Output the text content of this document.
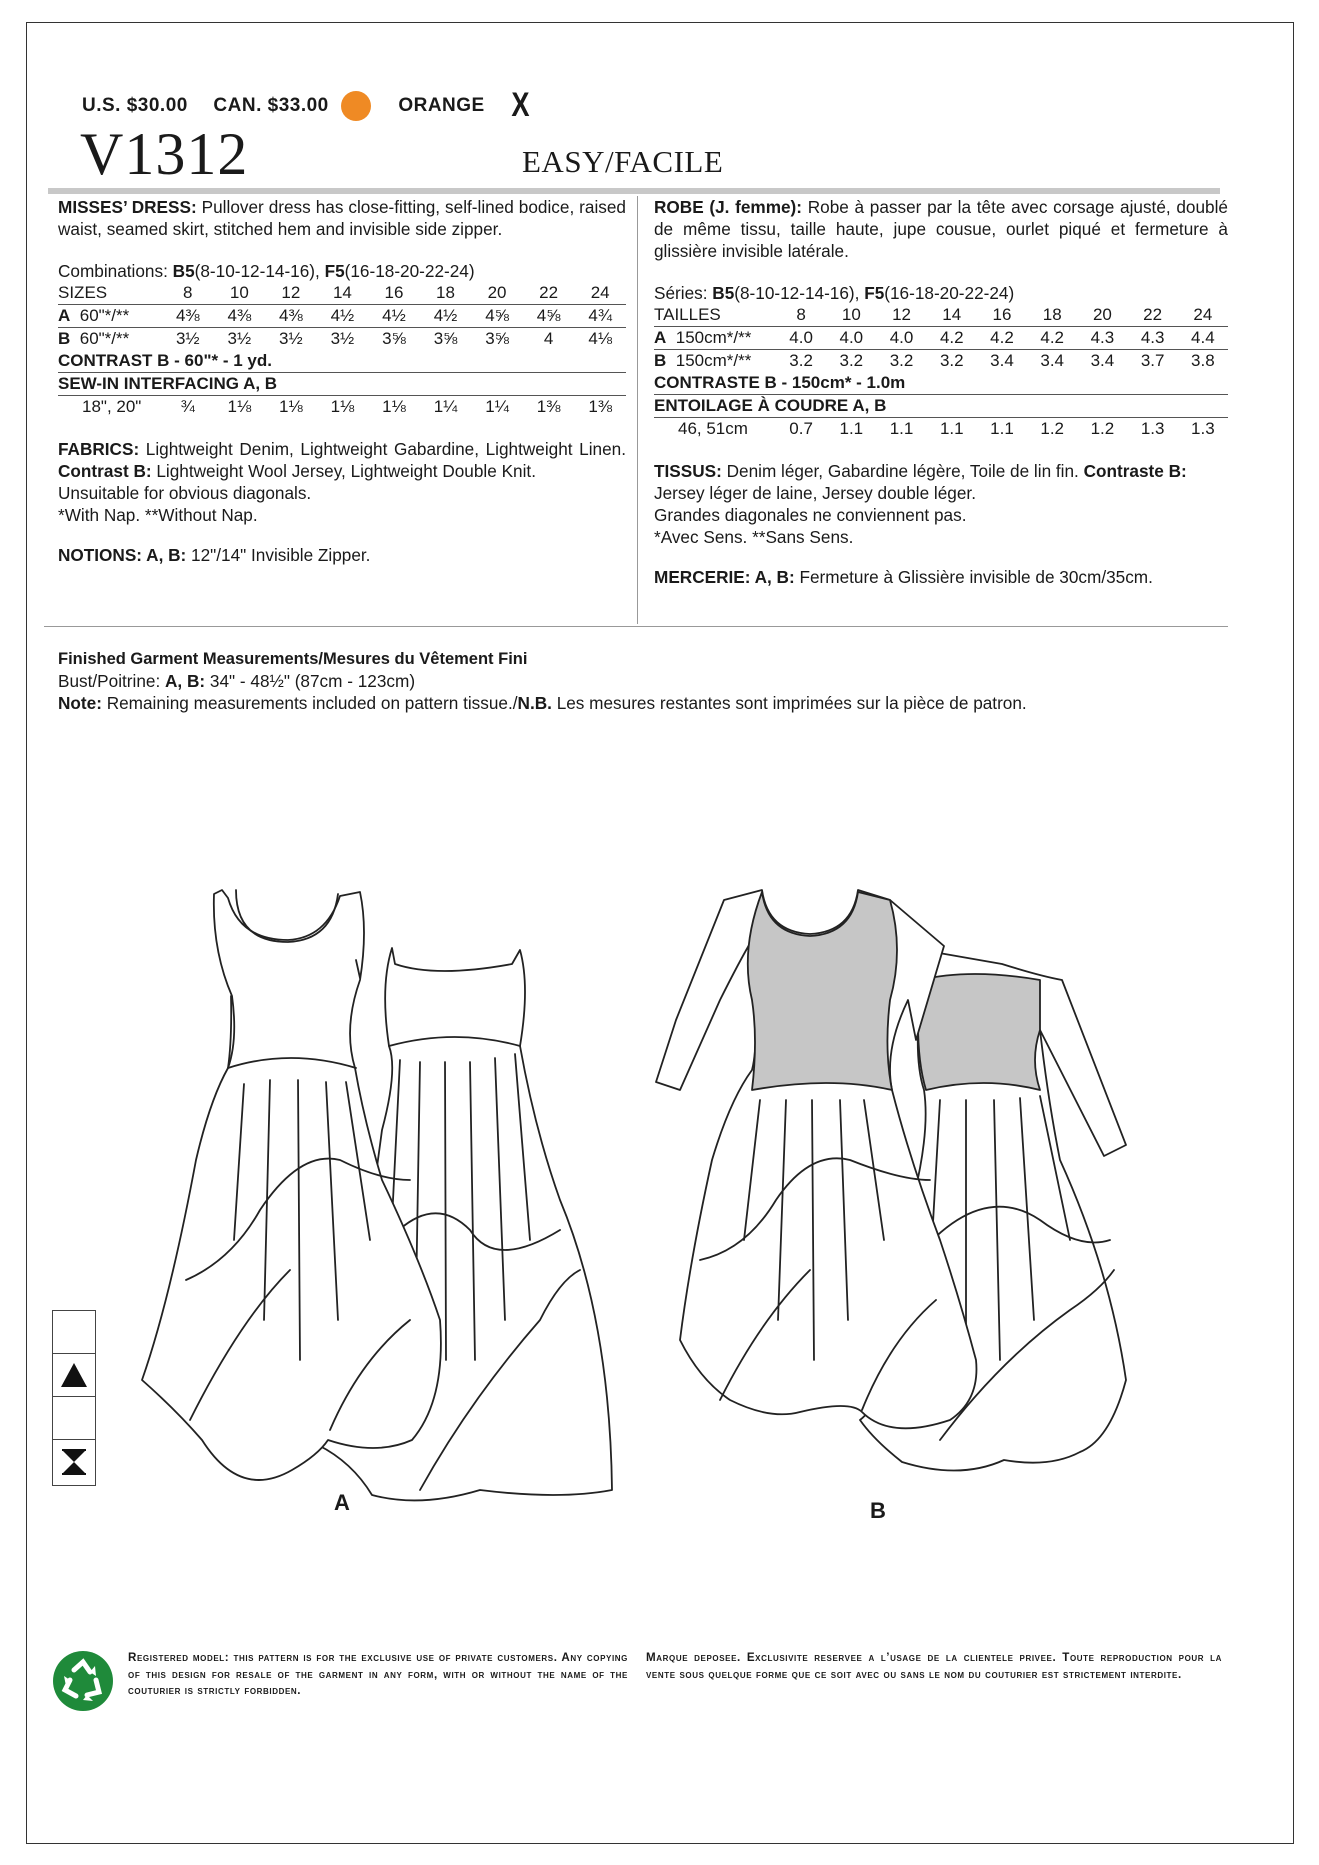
U.S. $30.00 CAN. $33.00	ORANGE X
V1312	EASY/FACILE

MISSES’ DRESS: Pullover dress has close-fitting, self-lined bodice, raised waist, seamed skirt, stitched hem and invisible side zipper.

Combinations: B5(8-10-12-14-16), F5(16-18-20-22-24)

SIZES	8	10	12	14	16	18	20	22	24
A 60"*/**	4⅜	4⅜	4⅜	4½	4½	4½	4⅝	4⅝	4¾
B 60"*/**	3½	3½	3½	3½	3⅝	3⅝	3⅝	4	4⅛
CONTRAST B - 60"* - 1 yd.									
SEW-IN INTERFACING A, B									
18", 20"	¾	1⅛	1⅛	1⅛	1⅛	1¼	1¼	1⅜	1⅜

FABRICS: Lightweight Denim, Lightweight Gabardine, Lightweight Linen. Contrast B: Lightweight Wool Jersey, Lightweight Double Knit.

Unsuitable for obvious diagonals.

*With Nap. **Without Nap.

NOTIONS: A, B: 12"/14" Invisible Zipper.

ROBE (J. femme): Robe à passer par la tête avec corsage ajusté, doublé de même tissu, taille haute, jupe cousue, ourlet piqué et fermeture à glissière invisible latérale.

Séries: B5(8-10-12-14-16), F5(16-18-20-22-24)

TAILLES	8	10	12	14	16	18	20	22	24
A 150cm*/**	4.0	4.0	4.0	4.2	4.2	4.2	4.3	4.3	4.4
B 150cm*/**	3.2	3.2	3.2	3.2	3.4	3.4	3.4	3.7	3.8
CONTRASTE B - 150cm* - 1.0m									
ENTOILAGE À COUDRE A, B									
46, 51cm	0.7	1.1	1.1	1.1	1.1	1.2	1.2	1.3	1.3

TISSUS: Denim léger, Gabardine légère, Toile de lin fin. Contraste B: Jersey léger de laine, Jersey double léger.

Grandes diagonales ne conviennent pas.

*Avec Sens. **Sans Sens.

MERCERIE: A, B: Fermeture à Glissière invisible de 30cm/35cm.

Finished Garment Measurements/Mesures du Vêtement Fini

Bust/Poitrine: A, B: 34" - 48½" (87cm - 123cm)

Note: Remaining measurements included on pattern tissue./N.B. Les mesures restantes sont imprimées sur la pièce de patron.

A	B

Registered model: this pattern is for the exclusive use of private customers. Any copying of this design for resale of the garment in any form, with or without the name of the couturier is strictly forbidden.

Marque deposee. Exclusivite reservee a l’usage de la clientele privee. Toute reproduction pour la vente sous quelque forme que ce soit avec ou sans le nom du couturier est strictement interdite.
